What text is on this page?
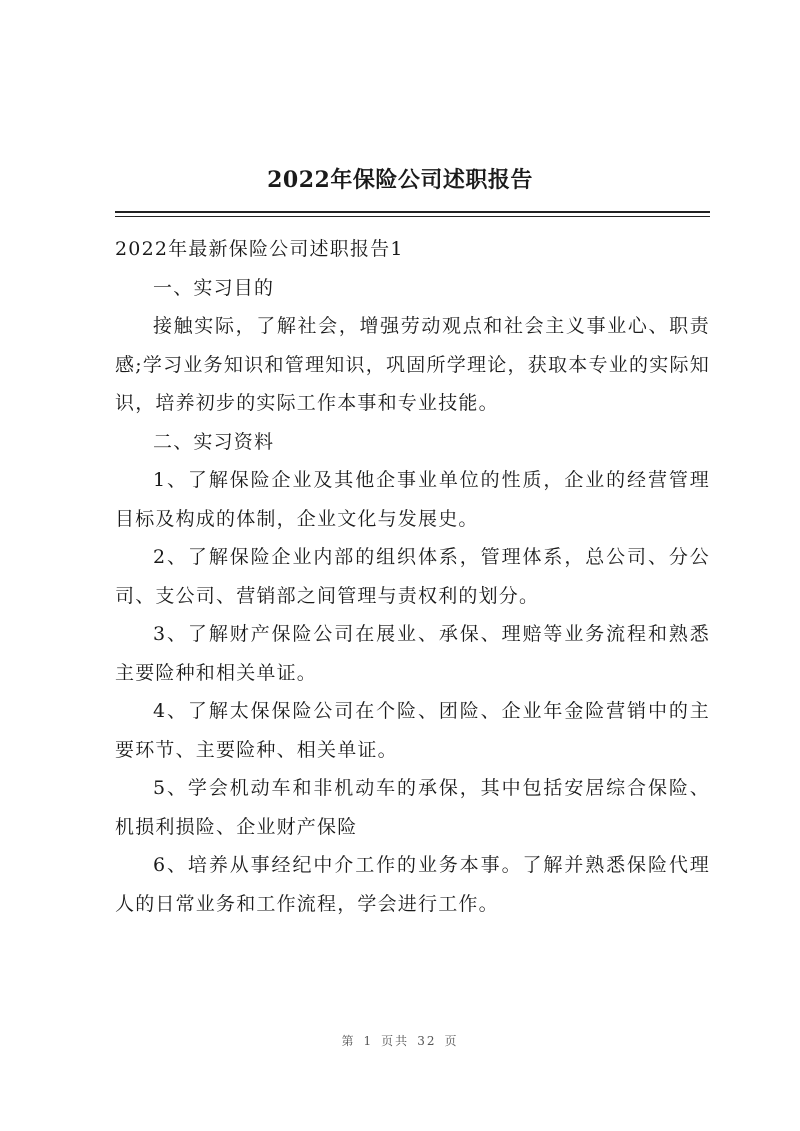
2022年保险公司述职报告

2022年最新保险公司述职报告1

一、实习目的

接触实际，了解社会，增强劳动观点和社会主义事业心、职责感;学习业务知识和管理知识，巩固所学理论，获取本专业的实际知识，培养初步的实际工作本事和专业技能。

二、实习资料

1、了解保险企业及其他企事业单位的性质，企业的经营管理目标及构成的体制，企业文化与发展史。

2、了解保险企业内部的组织体系，管理体系，总公司、分公司、支公司、营销部之间管理与责权利的划分。

3、了解财产保险公司在展业、承保、理赔等业务流程和熟悉主要险种和相关单证。

4、了解太保保险公司在个险、团险、企业年金险营销中的主要环节、主要险种、相关单证。

5、学会机动车和非机动车的承保，其中包括安居综合保险、机损利损险、企业财产保险

6、培养从事经纪中介工作的业务本事。了解并熟悉保险代理人的日常业务和工作流程，学会进行工作。

第 1 页共 32 页
